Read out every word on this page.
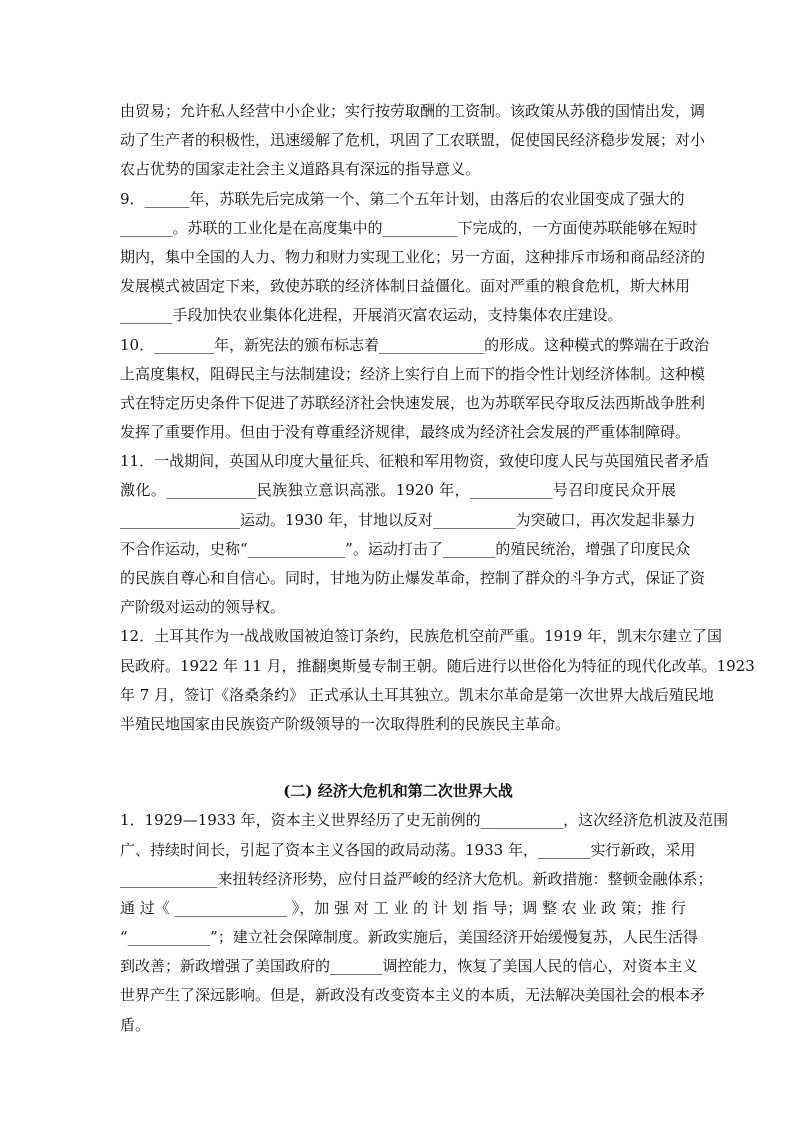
由贸易；允许私人经营中小企业；实行按劳取酬的工资制。该政策从苏俄的国情出发，调
动了生产者的积极性，迅速缓解了危机，巩固了工农联盟，促使国民经济稳步发展；对小
农占优势的国家走社会主义道路具有深远的指导意义。
9．______年，苏联先后完成第一个、第二个五年计划，由落后的农业国变成了强大的
_______。苏联的工业化是在高度集中的__________下完成的，一方面使苏联能够在短时
期内，集中全国的人力、物力和财力实现工业化；另一方面，这种排斥市场和商品经济的
发展模式被固定下来，致使苏联的经济体制日益僵化。面对严重的粮食危机，斯大林用
_______手段加快农业集体化进程，开展消灭富农运动，支持集体农庄建设。
10．________年，新宪法的颁布标志着______________的形成。这种模式的弊端在于政治
上高度集权，阻碍民主与法制建设；经济上实行自上而下的指令性计划经济体制。这种模
式在特定历史条件下促进了苏联经济社会快速发展，也为苏联军民夺取反法西斯战争胜利
发挥了重要作用。但由于没有尊重经济规律，最终成为经济社会发展的严重体制障碍。
11．一战期间，英国从印度大量征兵、征粮和军用物资，致使印度人民与英国殖民者矛盾
激化。____________民族独立意识高涨。1920 年，___________号召印度民众开展
________________运动。1930 年，甘地以反对___________为突破口，再次发起非暴力
不合作运动，史称“_____________”。运动打击了_______的殖民统治，增强了印度民众
的民族自尊心和自信心。同时，甘地为防止爆发革命，控制了群众的斗争方式，保证了资
产阶级对运动的领导权。
12．土耳其作为一战战败国被迫签订条约，民族危机空前严重。1919 年，凯末尔建立了国
民政府。1922 年 11 月，推翻奥斯曼专制王朝。随后进行以世俗化为特征的现代化改革。1923
年 7 月，签订《洛桑条约》 正式承认土耳其独立。凯末尔革命是第一次世界大战后殖民地
半殖民地国家由民族资产阶级领导的一次取得胜利的民族民主革命。
(二) 经济大危机和第二次世界大战
1．1929—1933 年，资本主义世界经历了史无前例的___________，这次经济危机波及范围
广、持续时间长，引起了资本主义各国的政局动荡。1933 年，_______实行新政，采用
_____________来扭转经济形势，应付日益严峻的经济大危机。新政措施：整顿金融体系；
通 过《 _______________ 》，加 强 对 工 业 的 计 划 指 导；调 整 农 业 政 策；推 行
“___________”；建立社会保障制度。新政实施后，美国经济开始缓慢复苏，人民生活得
到改善；新政增强了美国政府的_______调控能力，恢复了美国人民的信心，对资本主义
世界产生了深远影响。但是，新政没有改变资本主义的本质，无法解决美国社会的根本矛
盾。
